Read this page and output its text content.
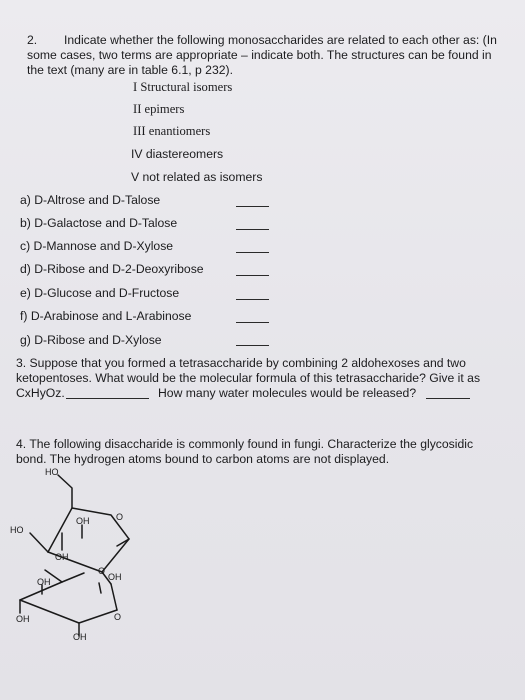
2. Indicate whether the following monosaccharides are related to each other as: (In
some cases, two terms are appropriate – indicate both. The structures can be found in
the text (many are in table 6.1, p 232).
I Structural isomers
II epimers
III enantiomers
IV diastereomers
V not related as isomers
a) D-Altrose and D-Talose
b) D-Galactose and D-Talose
c) D-Mannose and D-Xylose
d) D-Ribose and D-2-Deoxyribose
e) D-Glucose and D-Fructose
f) D-Arabinose and L-Arabinose
g) D-Ribose and D-Xylose
3. Suppose that you formed a tetrasaccharide by combining 2 aldohexoses and two
ketopentoses. What would be the molecular formula of this tetrasaccharide? Give it as
CxHyOz.	How many water molecules would be released?
4. The following disaccharide is commonly found in fungi. Characterize the glycosidic
bond. The hydrogen atoms bound to carbon atoms are not displayed.
HO
HO
OH	O
OH
O
OH
OH
O
OH
OH
